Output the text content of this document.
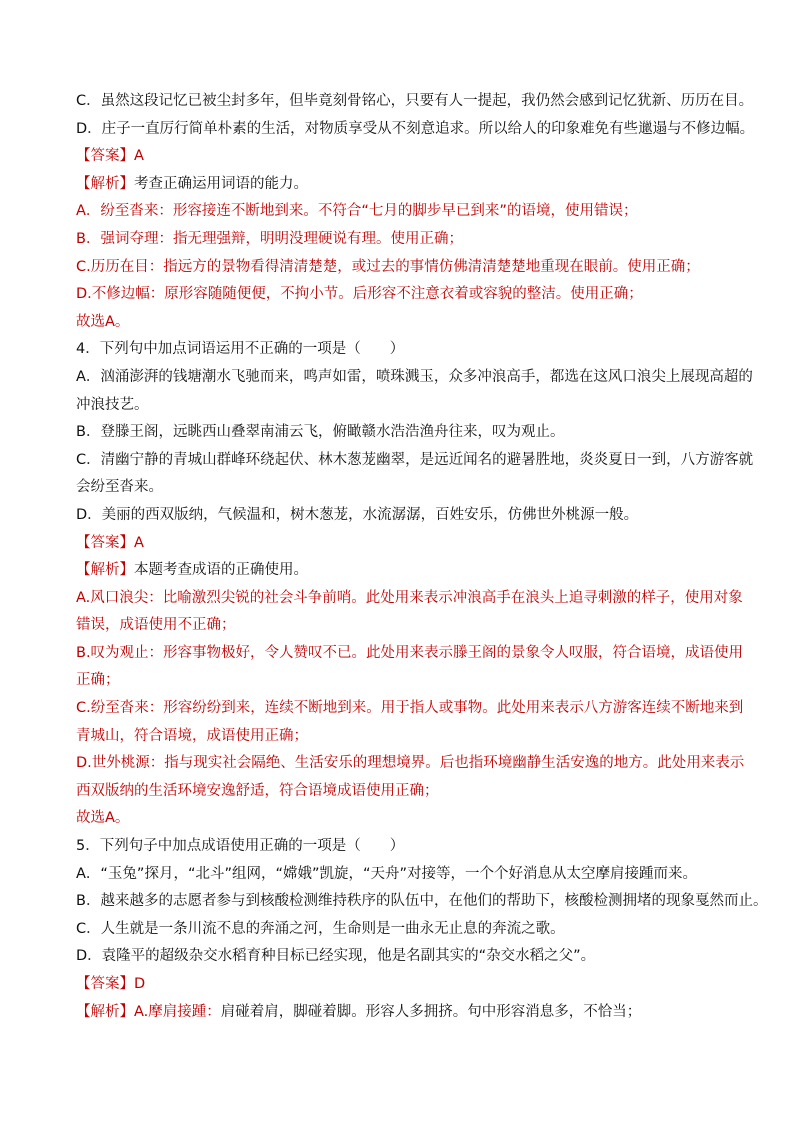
C．虽然这段记忆已被尘封多年，但毕竟刻骨铭心，只要有人一提起，我仍然会感到记忆犹新、历历在目。
D．庄子一直厉行简单朴素的生活，对物质享受从不刻意追求。所以给人的印象难免有些邋遢与不修边幅。
【答案】A
【解析】考查正确运用词语的能力。
A．纷至沓来：形容接连不断地到来。不符合“七月的脚步早已到来”的语境，使用错误；
B．强词夺理：指无理强辩，明明没理硬说有理。使用正确；
C.历历在目：指远方的景物看得清清楚楚，或过去的事情仿佛清清楚楚地重现在眼前。使用正确；
D.不修边幅：原形容随随便便，不拘小节。后形容不注意衣着或容貌的整洁。使用正确；
故选A。
4．下列句中加点词语运用不正确的一项是（　　）
A．汹涌澎湃的钱塘潮水飞驰而来，鸣声如雷，喷珠溅玉，众多冲浪高手，都选在这风口浪尖上展现高超的
冲浪技艺。
B．登滕王阁，远眺西山叠翠南浦云飞，俯瞰赣水浩浩渔舟往来，叹为观止。
C．清幽宁静的青城山群峰环绕起伏、林木葱茏幽翠，是远近闻名的避暑胜地，炎炎夏日一到，八方游客就
会纷至沓来。
D．美丽的西双版纳，气候温和，树木葱茏，水流潺潺，百姓安乐，仿佛世外桃源一般。
【答案】A
【解析】本题考查成语的正确使用。
A.风口浪尖：比喻激烈尖锐的社会斗争前哨。此处用来表示冲浪高手在浪头上追寻刺激的样子，使用对象
错误，成语使用不正确；
B.叹为观止：形容事物极好，令人赞叹不已。此处用来表示滕王阁的景象令人叹服，符合语境，成语使用
正确；
C.纷至沓来：形容纷纷到来，连续不断地到来。用于指人或事物。此处用来表示八方游客连续不断地来到
青城山，符合语境，成语使用正确；
D.世外桃源：指与现实社会隔绝、生活安乐的理想境界。后也指环境幽静生活安逸的地方。此处用来表示
西双版纳的生活环境安逸舒适，符合语境成语使用正确；
故选A。
5．下列句子中加点成语使用正确的一项是（　　）
A．“玉兔”探月，“北斗”组网，“嫦娥”凯旋，“天舟”对接等，一个个好消息从太空摩肩接踵而来。
B．越来越多的志愿者参与到核酸检测维持秩序的队伍中，在他们的帮助下，核酸检测拥堵的现象戛然而止。
C．人生就是一条川流不息的奔涌之河，生命则是一曲永无止息的奔流之歌。
D．袁隆平的超级杂交水稻育种目标已经实现，他是名副其实的“杂交水稻之父”。
【答案】D
【解析】A.摩肩接踵：肩碰着肩，脚碰着脚。形容人多拥挤。句中形容消息多，不恰当；
